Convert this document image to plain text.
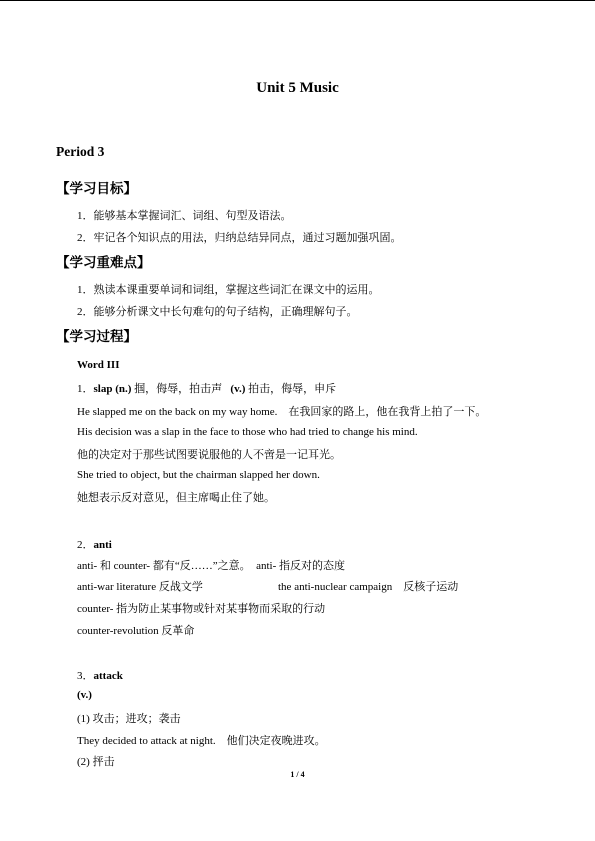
Unit 5 Music
Period 3
【学习目标】
1．能够基本掌握词汇、词组、句型及语法。
2．牢记各个知识点的用法，归纳总结异同点，通过习题加强巩固。
【学习重难点】
1．熟读本课重要单词和词组，掌握这些词汇在课文中的运用。
2．能够分析课文中长句难句的句子结构，正确理解句子。
【学习过程】
Word III
1．slap (n.) 掴，侮辱，拍击声 (v.) 拍击，侮辱，申斥
He slapped me on the back on my way home.　在我回家的路上，他在我背上拍了一下。
His decision was a slap in the face to those who had tried to change his mind.
他的决定对于那些试图要说服他的人不啻是一记耳光。
She tried to object, but the chairman slapped her down.
她想表示反对意见，但主席喝止住了她。
2．anti
anti- 和 counter- 都有“反……”之意。　anti- 指反对的态度
anti-war literature 反战文学	the anti-nuclear campaign　反核子运动
counter- 指为防止某事物或针对某事物而采取的行动
counter-revolution 反革命
3．attack
(v.)
(1) 攻击；进攻；袭击
They decided to attack at night.　他们决定夜晚进攻。
(2) 抨击
1 / 4
